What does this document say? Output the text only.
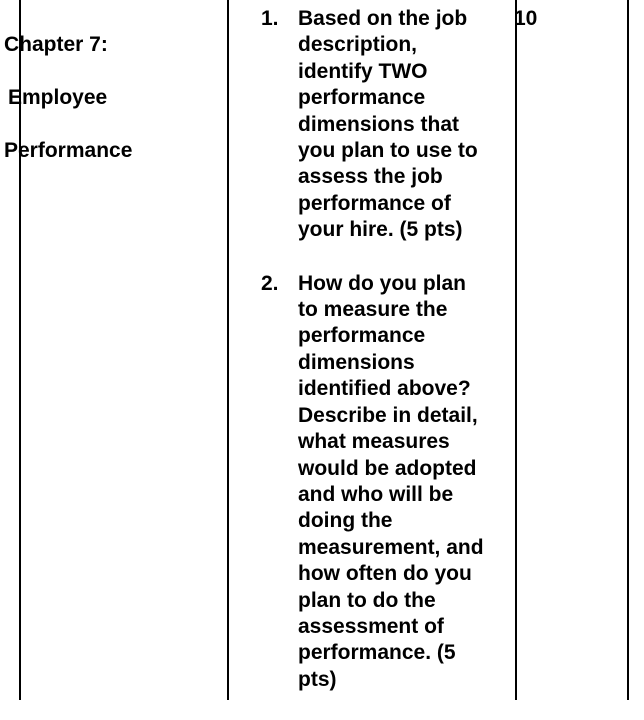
Chapter 7:

Employee

Performance

1. Based on the job
description,
identify TWO
performance
dimensions that
you plan to use to
assess the job
performance of
your hire. (5 pts)
2. How do you plan
to measure the
performance
dimensions
identified above?
Describe in detail,
what measures
would be adopted
and who will be
doing the
measurement, and
how often do you
plan to do the
assessment of
performance. (5
pts)
10
